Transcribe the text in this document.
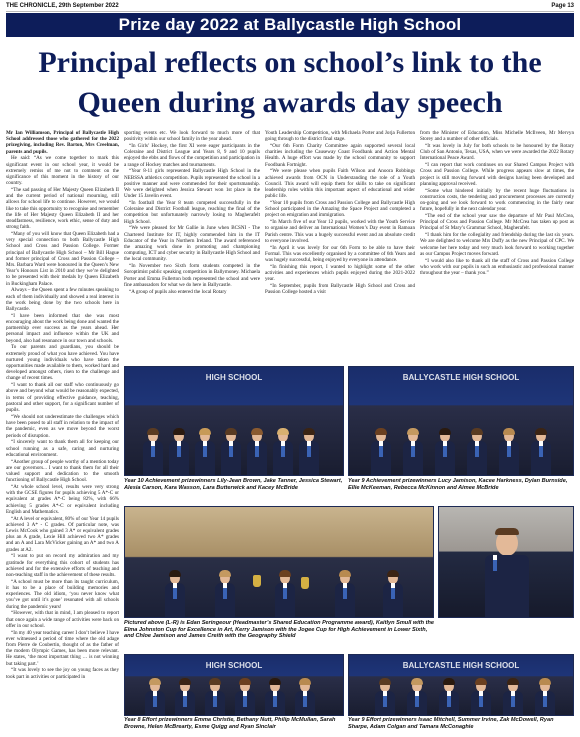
THE CHRONICLE, 29th September 2022	Page 13
Prize day 2022 at Ballycastle High School
Principal reflects on school’s link to the Queen during awards day speech

Mr Ian Williamson, Principal of Ballycastle High School addressed those who gathered for the 2022 prizegiving, including Rev. Barton, Mrs Creelman, parents and pupils.

He said: “As we come together to mark this significant event in our school year, it would be extremely remiss of me not to comment on the significance of this moment in the history of our country.

“The sad passing of Her Majesty Queen Elizabeth II and the current period of national mourning, still allows for school life to continue. However, we would like to take this opportunity to recognise and remember the life of Her Majesty Queen Elizabeth II and her steadfastness, resilience, work ethic, sense of duty and strong faith.

“Many of you will know that Queen Elizabeth had a very special connection to both Ballycastle High School and Cross and Passion College. Former principal of Ballycastle High School – Mr Bill Hague and former principal of Cross and Passion College – Mrs. Barbara Ward were honoured in the Queen’s New Year’s Honours List in 2010 and they we’re delighted to be presented with their medals by Queen Elizabeth in Buckingham Palace.

Always – the Queen spent a few minutes speaking to each of them individually and showed a real interest in the work being done by the two schools here in Ballycastle.

“I have been informed that she was most encouraging about the work being done and wanted the partnership ever success as the years ahead. Her personal impact and influence within the UK and beyond, also had resonance in our town and schools.

To our parents and guardians, you should be extremely proud of what you have achieved. You have nurtured young individuals who have taken the opportunities made available to them, worked hard and developed amongst others, risen to the challenge and change of recent times.

“I want to thank all our staff who continuously go above and beyond what would be reasonably expected, in terms of providing effective guidance, teaching, pastoral and other support, for a significant number of pupils.

“We should not underestimate the challenges which have been posed to all staff in relation to the impact of the pandemic, even as we move beyond the worst periods of disruption.

“I sincerely want to thank them all for keeping our school running as a safe, caring and nurturing educational environment.

“Another group of people worthy of a mention today are our governors... I want to thank them for all their valued support and dedication to the smooth functioning of Ballycastle High School.

“At whole school level, results were very strong with the GCSE figures for pupils achieving 5 A*-C or equivalent at grades A*-C being 82%, with 66% achieving 5 grades A*-C or equivalent including English and Mathematics.

“At A level or equivalent, 80% of our Year 14 pupils achieved 3 A* - C grades. Of particular note, was Lewis McCook who gained 3 A* or equivalent grades plus an A grade, Lexie Hill achieved two A* grades and an A and Lara McVicker gaining an A* and two A grades at A2.

“I want to put on record my admiration and my gratitude for everything this cohort of students has achieved and for the extensive efforts of teaching and non-teaching staff in the achievement of these results.

“A school must be more than its taught curriculum, it has to be a place of building memories and experiences. The old idiom, ‘you never know what you’ve got until it’s gone’ resonated with all schools during the pandemic years!

“However, with that in mind, I am pleased to report that once again a wide range of activities were back on offer in our school.

“In my 40 year teaching career I don’t believe I have ever witnessed a period of time where the old adage from Pierre de Coubertin, thought of as the father of the modern Olympic Games, has been more relevant. He states, ‘the most important thing … is not winning but taking part.’

“It was lovely to see the joy on young faces as they took part in activities or participated in

sporting events etc. We look forward to much more of that positivity within our school family in the year ahead.

“In Girls’ Hockey, the first XI were eager participants in the Coleraine and District League and Years 8, 9 and 10 pupils enjoyed the ebbs and flows of the competition and participation in a range of Hockey matches and tournaments.

“Year 8-11 girls represented Ballycastle High School in the NEBSSA athletics competition. Pupils represented the school in a positive manner and were commended for their sportsmanship. We were delighted when Jessica Stewart won 1st place in the Under 15 Javelin event.

“In football the Year 8 team competed successfully in the Coleraine and District Football league, reaching the final of the competition but unfortunately narrowly losing to Magherafelt High School.

“We were pleased for Mr Gallie in June when BCSNI - The Chartered Institute for IT, highly commended him in the IT Educator of the Year in Northern Ireland. The award referenced the amazing work done in promoting and championing computing, ICT and cyber security in Ballycastle High School and the local community.

“In November two Sixth form students competed in the Soroptimist public speaking competition in Ballymoney. Michaela Porter and Emma Fullerton both represented the school and were fine ambassadors for what we do here in Ballycastle.

“A group of pupils also entered the local Rotary

Youth Leadership Competition, with Michaela Porter and Jorja Fullerton going through to the district final stage.

“Our 6th Form Charity Committee again supported several local charities including the Causeway Coast Foodbank and Action Mental Health. A huge effort was made by the school community to support Foodbank Fortnight.

“We were please when pupils Faith Wilson and Anoora Robbings achieved awards from OCN in Understanding the role of a Youth Council. This award will equip them for skills to take on significant leadership roles within this important aspect of educational and wider public life.

“Year 10 pupils from Cross and Passion College and Ballycastle High School participated in the Amazing the Space Project and completed a project on emigration and immigration.

“In March five of our Year 12 pupils, worked with the Youth Service to organise and deliver an International Women’s Day event in Ramoan Parish centre. This was a hugely successful event and an absolute credit to everyone involved.

“In April it was lovely for our 6th Form to be able to have their Formal. This was excellently organised by a committee of 6th Years and was hugely successful, being enjoyed by everyone in attendance.

“In finishing this report, I wanted to highlight some of the other activities and experiences which pupils enjoyed during the 2021-2022 year.

“In September, pupils from Ballycastle High School and Cross and Passion College hosted a visit

from the Minister of Education, Miss Michelle McIlveen, Mr Mervyn Storey and a number of other officials.

“It was lovely in July for both schools to be honoured by the Rotary Club of San Antonio, Texas, USA, when we were awarded the 2022 Rotary International Peace Award.

“I can report that work continues on our Shared Campus Project with Cross and Passion College. While progress appears slow at times, the project is still moving forward with designs having been developed and planning approval received.

“Some what hindered initially by the recent huge fluctuations in construction costs, the tendering and procurement processes are currently on-going and we look forward to work commencing in the fairly near future, hopefully in the next calendar year.

“The end of the school year saw the departure of Mr Paul McCrea, Principal of Cross and Passion College. Mr McCrea has taken up post as Principal of St Mary’s Grammar School, Magherafelt.

“I thank him for the collegiality and friendship during the last six years. We are delighted to welcome Mrs Duffy as the new Principal of CPC. We welcome her here today and very much look forward to working together as our Campus Project moves forward.

“I would also like to thank all the staff of Cross and Passion College who work with our pupils in such an enthusiastic and professional manner throughout the year – thank you.”

HIGH SCHOOL	BALLYCASTLE HIGH SCHOOL
Year 10 Achievement prizewinners Lily-Jean Brown, Jake Tanner, Jessica Stewart, Alesia Carson, Kara Wasson, Lara Butterwick and Kacey McBride
Year 9 Achievement prizewinners Lucy Jamison, Kacee Harkness, Dylan Burnside, Ellie McKeeman, Rebecca McKinnon and Aimee McBride
Pictured above (L-R) is Edan Seringeour (Headmaster’s Shared Education Programme award), Kaitlyn Smull with the Elma Johnston Cup for Excellence in Art, Kerry Jamison with the Jogee Cup for High Achievement in Lower Sixth, and Chloe Jamison and James Creith with the Geography Shield
HIGH SCHOOL	BALLYCASTLE HIGH SCHOOL
Year 8 Effort prizewinners Emma Christie, Bethany Nutt, Philip McMullan, Sarah Browne, Helen McBrearty, Esme Quigg and Ryan Sinclair
Year 9 Effort prizewinners Isaac Mitchell, Summer Irvine, Zak McDowell, Ryan Sharpe, Adam Colgan and Tamara McConaghie
